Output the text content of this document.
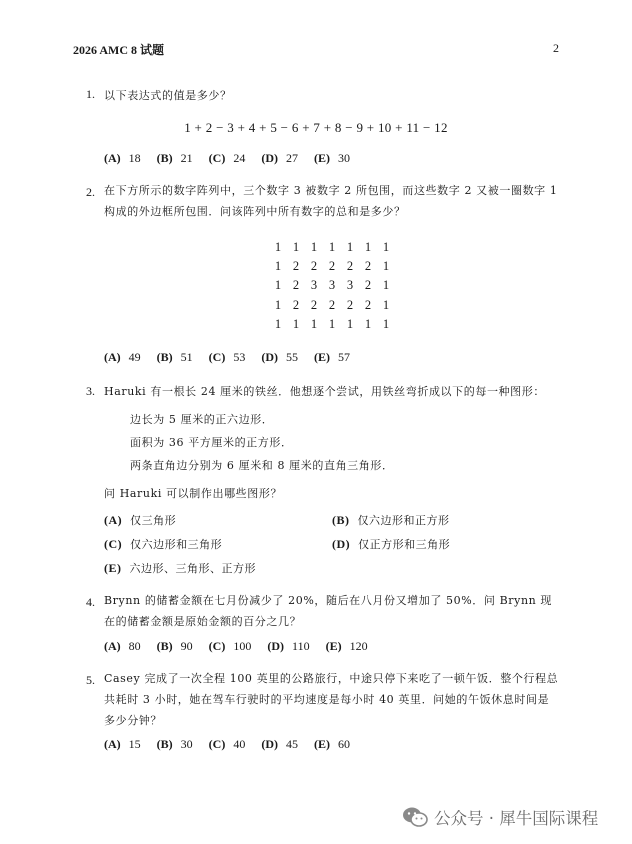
2026 AMC 8 试题	2
1. 以下表达式的值是多少？
1 + 2 − 3 + 4 + 5 − 6 + 7 + 8 − 9 + 10 + 11 − 12
(A) 18 (B) 21 (C) 24 (D) 27 (E) 30
2. 在下方所示的数字阵列中，三个数字 3 被数字 2 所包围，而这些数字 2 又被一圈数字 1 构成的外边框所包围．问该阵列中所有数字的总和是多少？
1 1 1 1 1 1 1
1 2 2 2 2 2 1
1 2 3 3 3 2 1
1 2 2 2 2 2 1
1 1 1 1 1 1 1
(A) 49 (B) 51 (C) 53 (D) 55 (E) 57
3. Haruki 有一根长 24 厘米的铁丝．他想逐个尝试，用铁丝弯折成以下的每一种图形：
边长为 5 厘米的正六边形．
面积为 36 平方厘米的正方形．
两条直角边分别为 6 厘米和 8 厘米的直角三角形．
问 Haruki 可以制作出哪些图形？
(A) 仅三角形	(B) 仅六边形和正方形
(C) 仅六边形和三角形	(D) 仅正方形和三角形
(E) 六边形、三角形、正方形
4. Brynn 的储蓄金额在七月份减少了 20%，随后在八月份又增加了 50%．问 Brynn 现在的储蓄金额是原始金额的百分之几？
(A) 80 (B) 90 (C) 100 (D) 110 (E) 120
5. Casey 完成了一次全程 100 英里的公路旅行，中途只停下来吃了一顿午饭．整个行程总共耗时 3 小时，她在驾车行驶时的平均速度是每小时 40 英里．问她的午饭休息时间是多少分钟？
(A) 15 (B) 30 (C) 40 (D) 45 (E) 60
公众号 · 犀牛国际课程
